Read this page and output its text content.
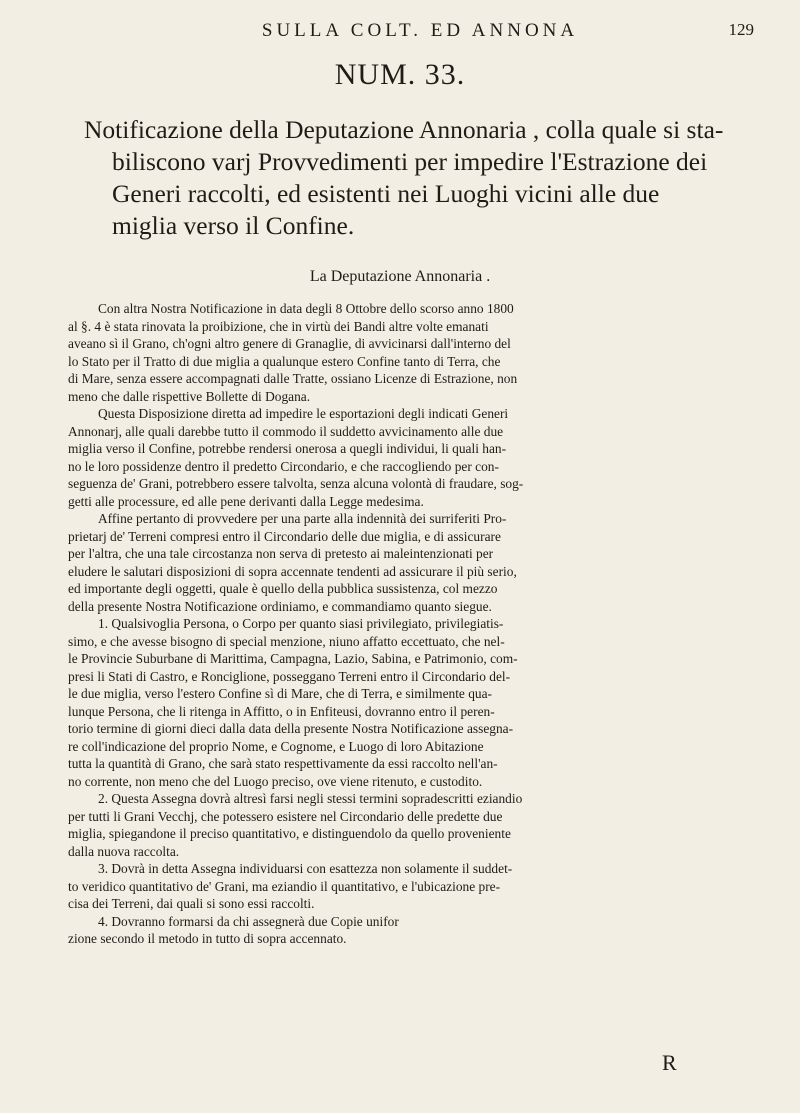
SULLA COLT. ED ANNONA	129
NUM. 33.
Notificazione della Deputazione Annonaria , colla quale si sta-
biliscono varj Provvedimenti per impedire l'Estrazione dei
Generi raccolti, ed esistenti nei Luoghi vicini alle due
miglia verso il Confine.
La Deputazione Annonaria .
Con altra Nostra Notificazione in data degli 8 Ottobre dello scorso anno 1800
al §. 4 è stata rinovata la proibizione, che in virtù dei Bandi altre volte emanati
aveano sì il Grano, ch'ogni altro genere di Granaglie, di avvicinarsi dall'interno del
lo Stato per il Tratto di due miglia a qualunque estero Confine tanto di Terra, che
di Mare, senza essere accompagnati dalle Tratte, ossiano Licenze di Estrazione, non
meno che dalle rispettive Bollette di Dogana.
Questa Disposizione diretta ad impedire le esportazioni degli indicati Generi
Annonarj, alle quali darebbe tutto il commodo il suddetto avvicinamento alle due
miglia verso il Confine, potrebbe rendersi onerosa a quegli individui, li quali han-
no le loro possidenze dentro il predetto Circondario, e che raccogliendo per con-
seguenza de' Grani, potrebbero essere talvolta, senza alcuna volontà di fraudare, sog-
getti alle processure, ed alle pene derivanti dalla Legge medesima.
Affine pertanto di provvedere per una parte alla indennità dei surriferiti Pro-
prietarj de' Terreni compresi entro il Circondario delle due miglia, e di assicurare
per l'altra, che una tale circostanza non serva di pretesto ai maleintenzionati per
eludere le salutari disposizioni di sopra accennate tendenti ad assicurare il più serio,
ed importante degli oggetti, quale è quello della pubblica sussistenza, col mezzo
della presente Nostra Notificazione ordiniamo, e commandiamo quanto siegue.
1. Qualsivoglia Persona, o Corpo per quanto siasi privilegiato, privilegiatis-
simo, e che avesse bisogno di special menzione, niuno affatto eccettuato, che nel-
le Provincie Suburbane di Marittima, Campagna, Lazio, Sabina, e Patrimonio, com-
presi li Stati di Castro, e Ronciglione, posseggano Terreni entro il Circondario del-
le due miglia, verso l'estero Confine sì di Mare, che di Terra, e similmente qua-
lunque Persona, che li ritenga in Affitto, o in Enfiteusi, dovranno entro il peren-
torio termine di giorni dieci dalla data della presente Nostra Notificazione assegna-
re coll'indicazione del proprio Nome, e Cognome, e Luogo di loro Abitazione
tutta la quantità di Grano, che sarà stato respettivamente da essi raccolto nell'an-
no corrente, non meno che del Luogo preciso, ove viene ritenuto, e custodito.
2. Questa Assegna dovrà altresì farsi negli stessi termini sopradescritti eziandio
per tutti li Grani Vecchj, che potessero esistere nel Circondario delle predette due
miglia, spiegandone il preciso quantitativo, e distinguendolo da quello proveniente
dalla nuova raccolta.
3. Dovrà in detta Assegna individuarsi con esattezza non solamente il suddet-
to veridico quantitativo de' Grani, ma eziandio il quantitativo, e l'ubicazione pre-
cisa dei Terreni, dai quali si sono essi raccolti.
4. Dovranno formarsi da chi assegnerà due Copie unifor
zione secondo il metodo in tutto di sopra accennato.
R
